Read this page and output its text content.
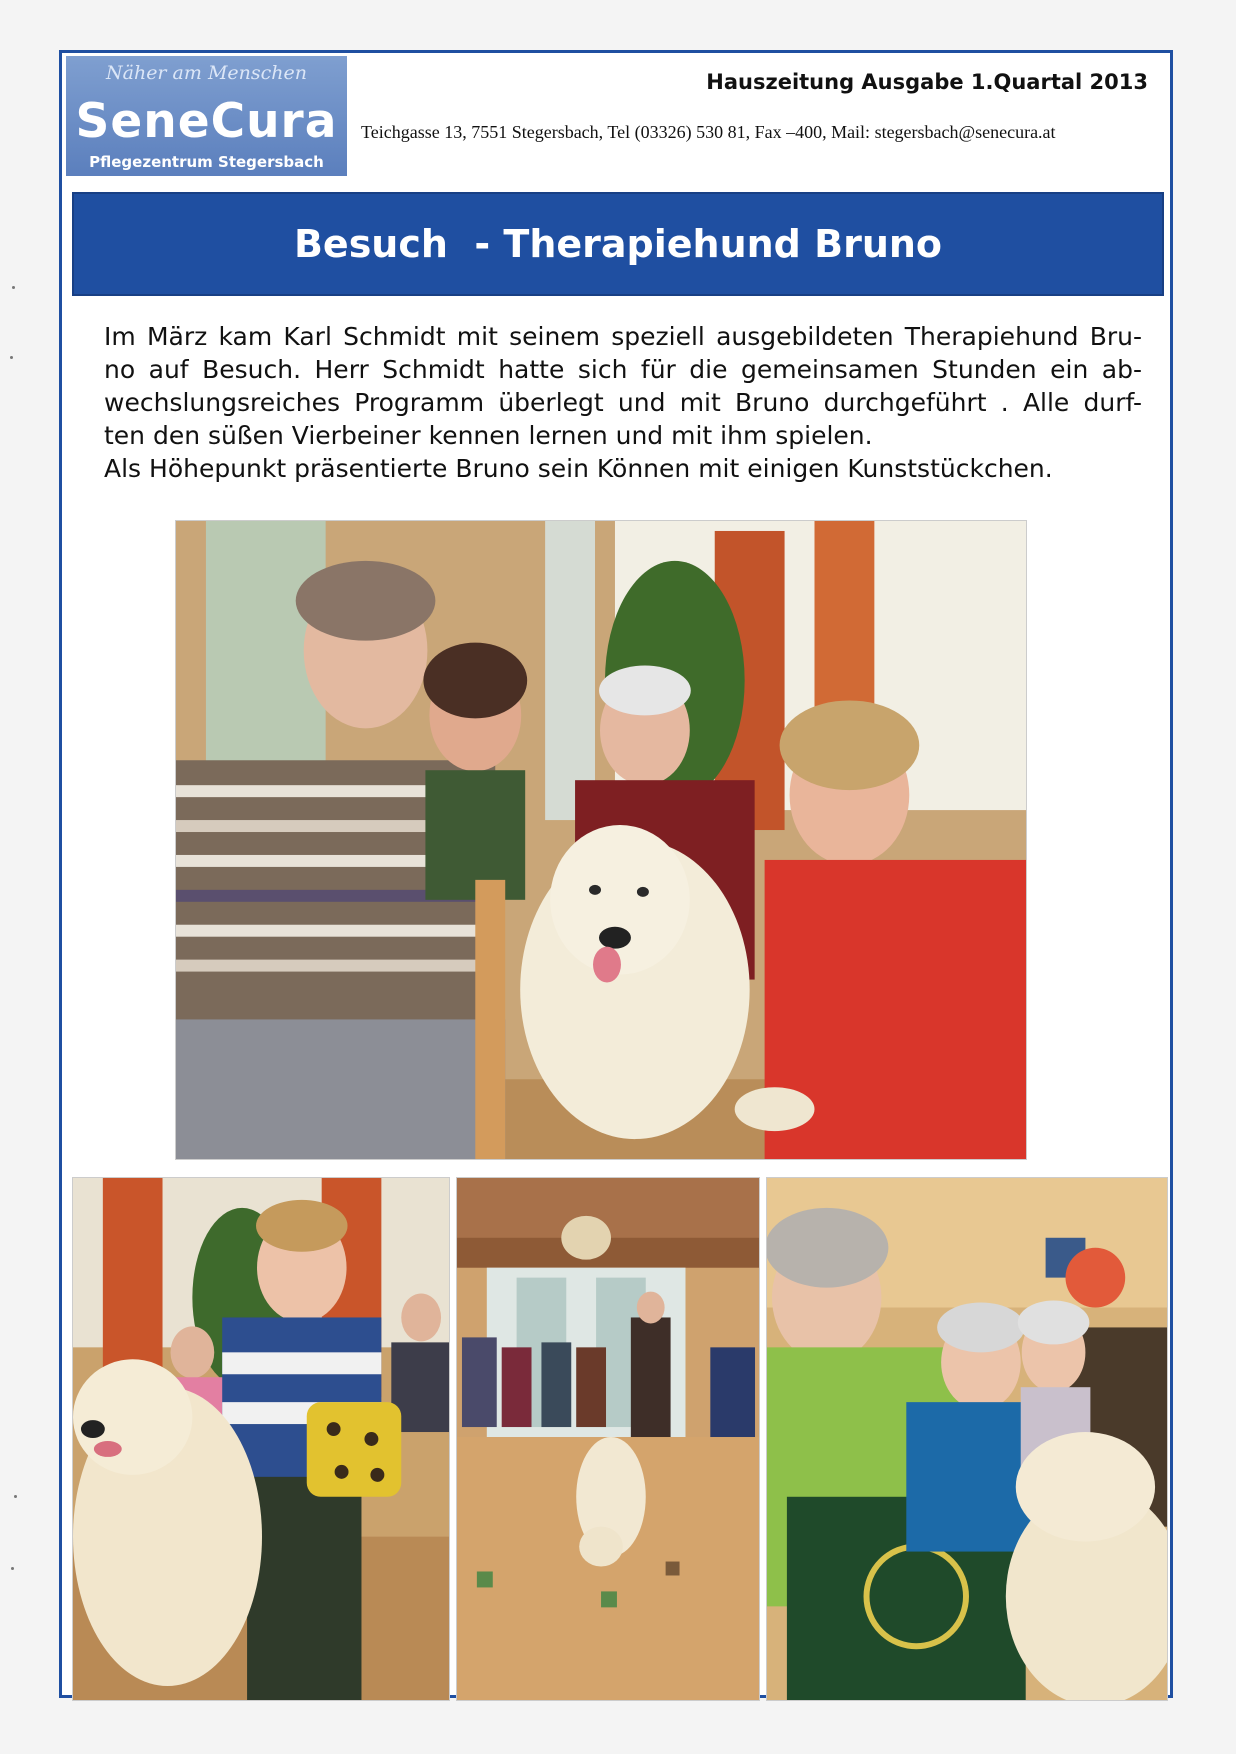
Näher am Menschen
SeneCura
Pflegezentrum Stegersbach
Hauszeitung Ausgabe 1.Quartal 2013
Teichgasse 13, 7551 Stegersbach, Tel (03326) 530 81, Fax –400, Mail: stegersbach@senecura.at
Besuch  - Therapiehund Bruno
Im März kam Karl Schmidt mit seinem speziell ausgebildeten Therapiehund Bru-
no auf Besuch. Herr Schmidt hatte sich für die gemeinsamen Stunden ein ab-
wechslungsreiches Programm überlegt und mit Bruno durchgeführt . Alle durf-
ten den süßen Vierbeiner kennen lernen und mit ihm spielen.
Als Höhepunkt präsentierte Bruno sein Können mit einigen Kunststückchen.
